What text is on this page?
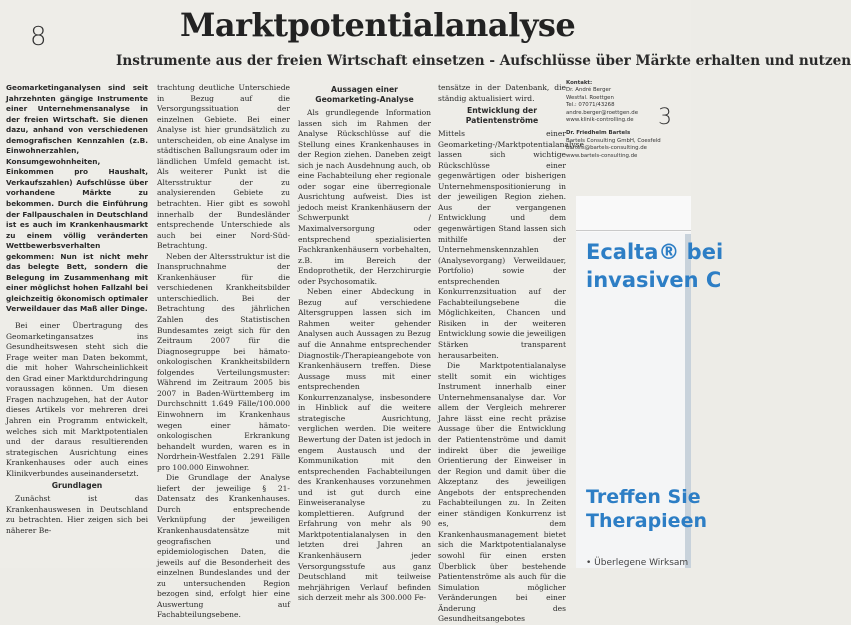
8	Marktpotentialanalyse
Instrumente aus der freien Wirtschaft einsetzen - Aufschlüsse über Märkte erhalten und nutzen

Geomarketinganalysen sind seit Jahrzehnten gängige Instrumente einer Unternehmensanalyse in der freien Wirtschaft. Sie dienen dazu, anhand von verschiedenen demografischen Kennzahlen (z.B. Einwohnerzahlen, Konsumgewohnheiten, Einkommen pro Haushalt, Verkaufszahlen) Aufschlüsse über vorhandene Märkte zu bekommen. Durch die Einführung der Fallpauschalen in Deutschland ist es auch im Krankenhausmarkt zu einem völlig veränderten Wettbewerbsverhalten gekommen: Nun ist nicht mehr das belegte Bett, sondern die Belegung im Zusammenhang mit einer möglichst hohen Fallzahl bei gleichzeitig ökonomisch optimaler Verweildauer das Maß aller Dinge.

Bei einer Übertragung des Geomarketingansatzes ins Gesundheitswesen steht sich die Frage weiter man Daten bekommt, die mit hoher Wahrscheinlichkeit den Grad einer Marktdurchdringung voraussagen können. Um diesen Fragen nachzugehen, hat der Autor dieses Artikels vor mehreren drei Jahren ein Programm entwickelt, welches sich mit Marktpotentialen und der daraus resultierenden strategischen Ausrichtung eines Krankenhauses oder auch eines Klinikverbundes auseinandersetzt.

Grundlagen

Zunächst ist das Krankenhauswesen in Deutschland zu betrachten. Hier zeigen sich bei näherer Be-

trachtung deutliche Unterschiede in Bezug auf die Versorgungssituation der einzelnen Gebiete. Bei einer Analyse ist hier grundsätzlich zu unterscheiden, ob eine Analyse im städtischen Ballungsraum oder im ländlichen Umfeld gemacht ist. Als weiterer Punkt ist die Altersstruktur der zu analysierenden Gebiete zu betrachten. Hier gibt es sowohl innerhalb der Bundesländer entsprechende Unterschiede als auch bei einer Nord-Süd-Betrachtung.

Neben der Altersstruktur ist die Inanspruchnahme der Krankenhäuser für die verschiedenen Krankheitsbilder unterschiedlich. Bei der Betrachtung des jährlichen Zahlen des Statistischen Bundesamtes zeigt sich für den Zeitraum 2007 für die Diagnosegruppe bei hämato-onkologischen Krankheitsbildern folgendes Verteilungsmuster: Während im Zeitraum 2005 bis 2007 in Baden-Württemberg im Durchschnitt 1.649 Fälle/100.000 Einwohnern im Krankenhaus wegen einer hämato-onkologischen Erkrankung behandelt wurden, waren es in Nordrhein-Westfalen 2.291 Fälle pro 100.000 Einwohner.

Die Grundlage der Analyse liefert der jeweilige § 21-Datensatz des Krankenhauses. Durch entsprechende Verknüpfung der jeweiligen Krankenhausdatensätze mit geografischen und epidemiologischen Daten, die jeweils auf die Besonderheit des einzelnen Bundeslandes und der zu untersuchenden Region bezogen sind, erfolgt hier eine Auswertung auf Fachabteilungsebene.

Aussagen einer Geomarketing-Analyse

Als grundlegende Information lassen sich im Rahmen der Analyse Rückschlüsse auf die Stellung eines Krankenhauses in der Region ziehen. Daneben zeigt sich je nach Ausdehnung auch, ob eine Fachabteilung eher regionale oder sogar eine überregionale Ausrichtung aufweist. Dies ist jedoch meist Krankenhäusern der Schwerpunkt / Maximalversorgung oder entsprechend spezialisierten Fachkrankenhäusern vorbehalten, z.B. im Bereich der Endoprothetik, der Herzchirurgie oder Psychosomatik.

Neben einer Abdeckung in Bezug auf verschiedene Altersgruppen lassen sich im Rahmen weiter gehender Analysen auch Aussagen zu Bezug auf die Annahme entsprechender Diagnostik-/Therapieangebote von Krankenhäusern treffen. Diese Aussage muss mit einer entsprechenden Konkurrenzanalyse, insbesondere in Hinblick auf die weitere strategische Ausrichtung, verglichen werden. Die weitere Bewertung der Daten ist jedoch in engem Austausch und der Kommunikation mit den entsprechenden Fachabteilungen des Krankenhauses vorzunehmen und ist gut durch eine Einweiseranalyse zu komplettieren. Aufgrund der Erfahrung von mehr als 90 Marktpotentialanalysen in den letzten drei Jahren an Krankenhäusern jeder Versorgungsstufe aus ganz Deutschland mit teilweise mehrjährigen Verlauf befinden sich derzeit mehr als 300.000 Fe-

tensätze in der Datenbank, die ständig aktualisiert wird.

Entwicklung der Patientenströme

Mittels einer Geomarketing-/Marktpotentialanalyse lassen sich wichtige Rückschlüsse einer gegenwärtigen oder bisherigen Unternehmenspositionierung in der jeweiligen Region ziehen. Aus der vergangenen Entwicklung und dem gegenwärtigen Stand lassen sich mithilfe der Unternehmenskennzahlen (Analysevorgang) Verweildauer, Portfolio) sowie der entsprechenden Konkurrenzsituation auf der Fachabteilungsebene die Möglichkeiten, Chancen und Risiken in der weiteren Entwicklung sowie die jeweiligen Stärken transparent herausarbeiten.

Die Marktpotentialanalyse stellt somit ein wichtiges Instrument innerhalb einer Unternehmensanalyse dar. Vor allem der Vergleich mehrerer Jahre lässt eine recht präzise Aussage über die Entwicklung der Patientenströme und damit indirekt über die jeweilige Orientierung der Einweiser in der Region und damit über die Akzeptanz des jeweiligen Angebots der entsprechenden Fachabteilungen zu. In Zeiten einer ständigen Konkurrenz ist es, dem Krankenhausmanagement bietet sich die Marktpotentialanalyse sowohl für einen ersten Überblick über bestehende Patientenströme als auch für die Simulation möglicher Veränderungen bei einer Änderung des Gesundheitsangebotes

Kontakt:
Dr. André Berger
Westfal. Roettgen
Tel.: 07071/43268
andre.berger@roettgen.de
www.klinik-controlling.de
Dr. Friedhelm Bartels
Bartels Consulting GmbH, Coesfeld
bartels@bartels-consulting.de
www.bartels-consulting.de
3
Ecalta® bei
invasiven C
Treffen Sie
Therapieen
• Überlegene Wirksam
